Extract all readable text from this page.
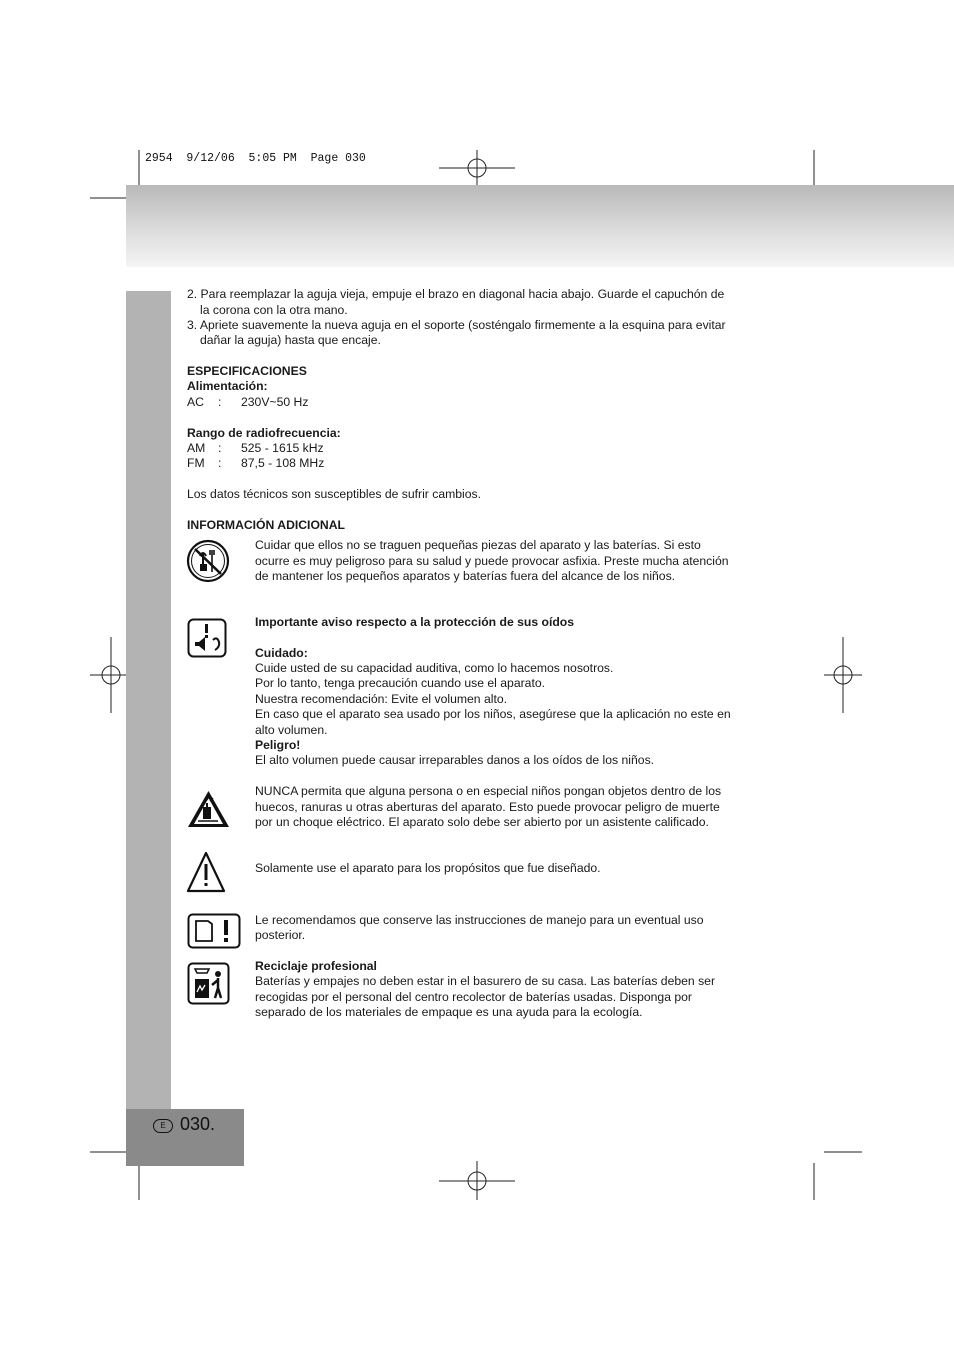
2954  9/12/06  5:05 PM  Page 030
E 030.
2. Para reemplazar la aguja vieja, empuje el brazo en diagonal hacia abajo. Guarde el capuchón de
la corona con la otra mano.
3. Apriete suavemente la nueva aguja en el soporte (sosténgalo firmemente a la esquina para evitar
dañar la aguja) hasta que encaje.
ESPECIFICACIONES
Alimentación:
AC : 230V~50 Hz
Rango de radiofrecuencia:
AM : 525 - 1615 kHz
FM : 87,5 - 108 MHz
Los datos técnicos son susceptibles de sufrir cambios.
INFORMACIÓN ADICIONAL
Cuidar que ellos no se traguen pequeñas piezas del aparato y las baterías. Si esto
ocurre es muy peligroso para su salud y puede provocar asfixia. Preste mucha atención
de mantener los pequeños aparatos y baterías fuera del alcance de los niños.
Importante aviso respecto a la protección de sus oídos
Cuidado:
Cuide usted de su capacidad auditiva, como lo hacemos nosotros.
Por lo tanto, tenga precaución cuando use el aparato.
Nuestra recomendación: Evite el volumen alto.
En caso que el aparato sea usado por los niños, asegúrese que la aplicación no este en
alto volumen.
Peligro!
El alto volumen puede causar irreparables danos a los oídos de los niños.
NUNCA permita que alguna persona o en especial niños pongan objetos dentro de los
huecos, ranuras u otras aberturas del aparato. Esto puede provocar peligro de muerte
por un choque eléctrico. El aparato solo debe ser abierto por un asistente calificado.
Solamente use el aparato para los propósitos que fue diseñado.
Le recomendamos que conserve las instrucciones de manejo para un eventual uso
posterior.
Reciclaje profesional
Baterías y empajes no deben estar in el basurero de su casa. Las baterías deben ser
recogidas por el personal del centro recolector de baterías usadas. Disponga por
separado de los materiales de empaque es una ayuda para la ecología.
